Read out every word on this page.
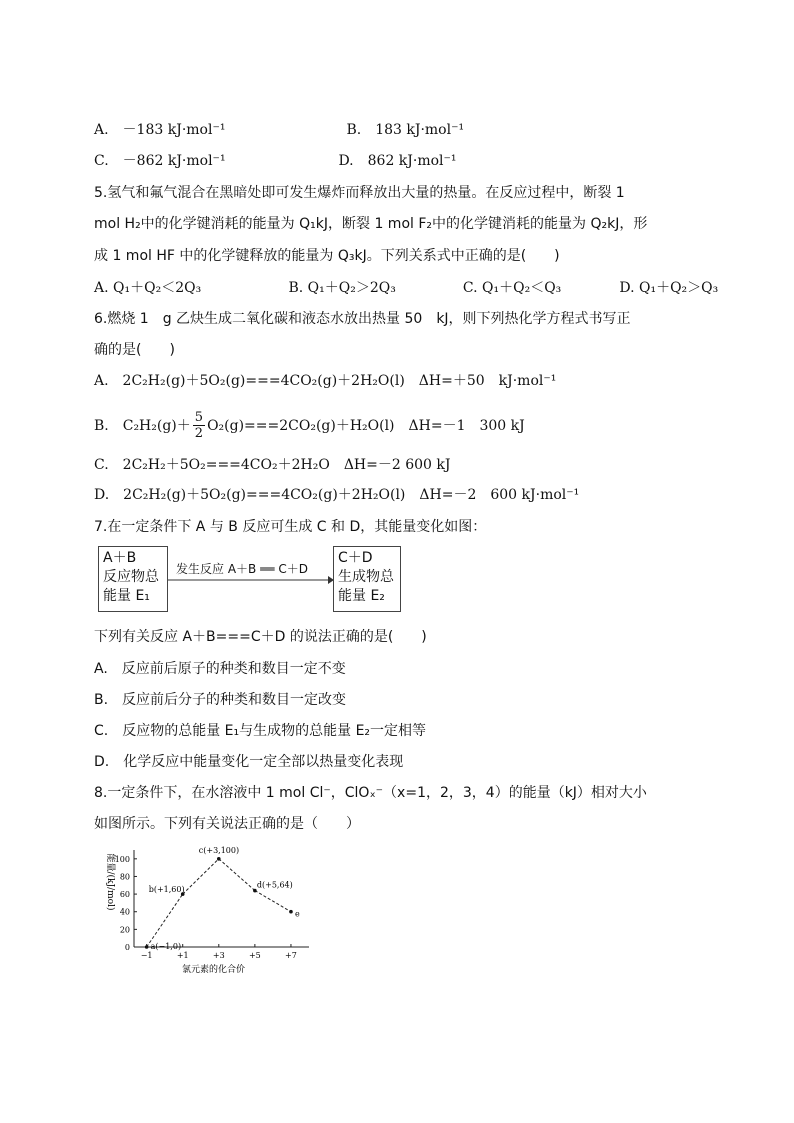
A.　－183 kJ·mol⁻¹	B.　183 kJ·mol⁻¹
C.　－862 kJ·mol⁻¹	D.　862 kJ·mol⁻¹
5.氢气和氟气混合在黑暗处即可发生爆炸而释放出大量的热量。在反应过程中，断裂 1
mol H₂中的化学键消耗的能量为 Q₁kJ，断裂 1 mol F₂中的化学键消耗的能量为 Q₂kJ，形
成 1 mol HF 中的化学键释放的能量为 Q₃kJ。下列关系式中正确的是(　　)
A. Q₁＋Q₂＜2Q₃	B. Q₁＋Q₂＞2Q₃	C. Q₁＋Q₂＜Q₃	D. Q₁＋Q₂＞Q₃
6.燃烧 1　g 乙炔生成二氧化碳和液态水放出热量 50　kJ，则下列热化学方程式书写正
确的是(　　)
A.　2C₂H₂(g)＋5O₂(g)===4CO₂(g)＋2H₂O(l)　ΔH=＋50　kJ·mol⁻¹
B.　$C_2H_2(g)+ \frac{5}{2} O_2(g)===2CO_2(g)+H_2O(l)$　ΔH=－1　300 kJ
C.　2C₂H₂＋5O₂===4CO₂＋2H₂O　ΔH=－2 600 kJ
D.　2C₂H₂(g)＋5O₂(g)===4CO₂(g)＋2H₂O(l)　ΔH=－2　600 kJ·mol⁻¹
7.在一定条件下 A 与 B 反应可生成 C 和 D，其能量变化如图：
A＋B
反应物总
能量 E₁
发生反应 A＋B ══ C＋D
C＋D
生成物总
能量 E₂
下列有关反应 A＋B===C＋D 的说法正确的是(　　)
A.　反应前后原子的种类和数目一定不变
B.　反应前后分子的种类和数目一定改变
C.　反应物的总能量 E₁与生成物的总能量 E₂一定相等
D.　化学反应中能量变化一定全部以热量变化表现
8.一定条件下，在水溶液中 1 mol Cl⁻，ClOₓ⁻（x=1，2，3，4）的能量（kJ）相对大小
如图所示。下列有关说法正确的是（　　）
0
20
40
60
80
100
−1	+1	+3	+5	+7
能量/(kJ/mol)
氯元素的化合价
a(−1,0)
b(+1,60)
c(+3,100)
d(+5,64)
e
